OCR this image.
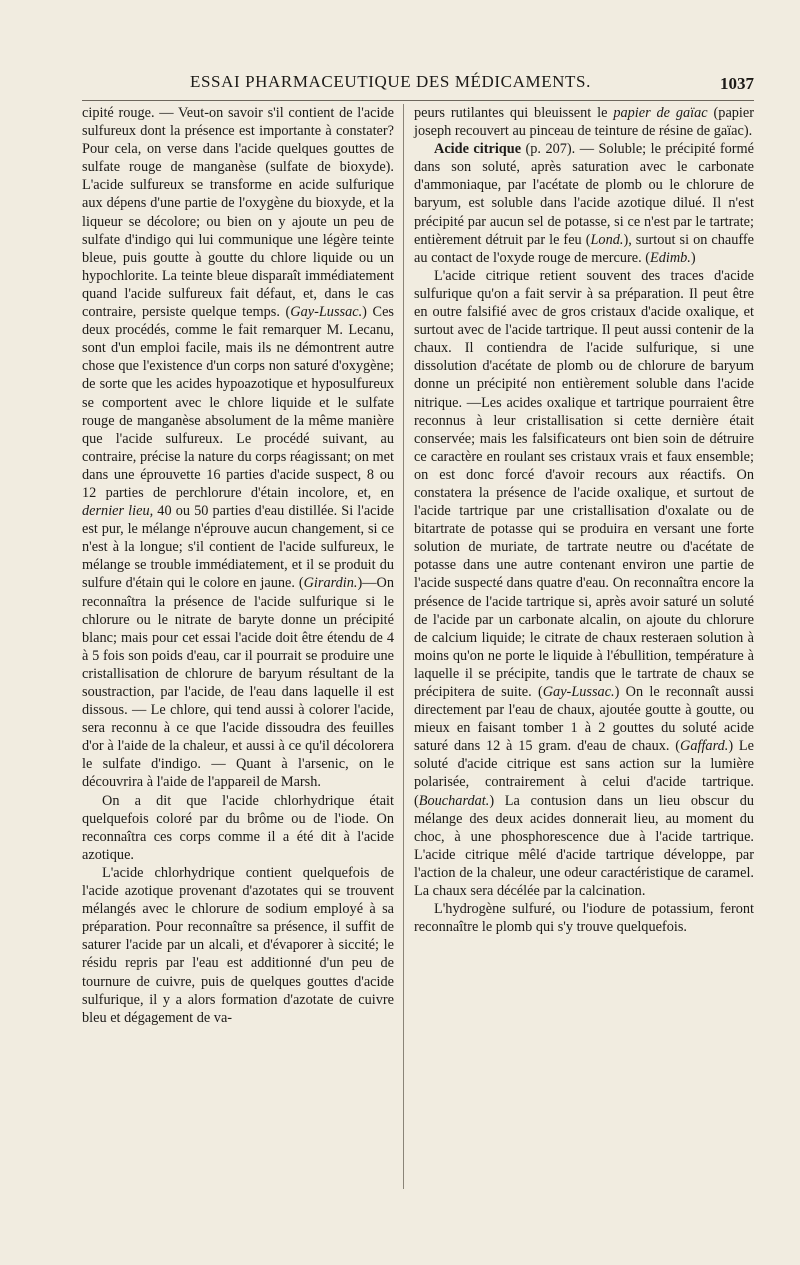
ESSAI PHARMACEUTIQUE DES MÉDICAMENTS.	1037

cipité rouge. — Veut-on savoir s'il contient de l'acide sulfureux dont la présence est importante à constater? Pour cela, on verse dans l'acide quelques gouttes de sulfate rouge de manganèse (sulfate de bioxyde). L'acide sulfureux se transforme en acide sulfurique aux dépens d'une partie de l'oxygène du bioxyde, et la liqueur se décolore; ou bien on y ajoute un peu de sulfate d'indigo qui lui communique une légère teinte bleue, puis goutte à goutte du chlore liquide ou un hypochlorite. La teinte bleue disparaît immédiatement quand l'acide sulfureux fait défaut, et, dans le cas contraire, persiste quelque temps. (Gay-Lussac.) Ces deux procédés, comme le fait remarquer M. Lecanu, sont d'un emploi facile, mais ils ne démontrent autre chose que l'existence d'un corps non saturé d'oxygène; de sorte que les acides hypoazotique et hyposulfureux se comportent avec le chlore liquide et le sulfate rouge de manganèse absolument de la même manière que l'acide sulfureux. Le procédé suivant, au contraire, précise la nature du corps réagissant; on met dans une éprouvette 16 parties d'acide suspect, 8 ou 12 parties de perchlorure d'étain incolore, et, en dernier lieu, 40 ou 50 parties d'eau distillée. Si l'acide est pur, le mélange n'éprouve aucun changement, si ce n'est à la longue; s'il contient de l'acide sulfureux, le mélange se trouble immédiatement, et il se produit du sulfure d'étain qui le colore en jaune. (Girardin.)—On reconnaîtra la présence de l'acide sulfurique si le chlorure ou le nitrate de baryte donne un précipité blanc; mais pour cet essai l'acide doit être étendu de 4 à 5 fois son poids d'eau, car il pourrait se produire une cristallisation de chlorure de baryum résultant de la soustraction, par l'acide, de l'eau dans laquelle il est dissous. — Le chlore, qui tend aussi à colorer l'acide, sera reconnu à ce que l'acide dissoudra des feuilles d'or à l'aide de la chaleur, et aussi à ce qu'il décolorera le sulfate d'indigo. — Quant à l'arsenic, on le découvrira à l'aide de l'appareil de Marsh.

On a dit que l'acide chlorhydrique était quelquefois coloré par du brôme ou de l'iode. On reconnaîtra ces corps comme il a été dit à l'acide azotique.

L'acide chlorhydrique contient quelquefois de l'acide azotique provenant d'azotates qui se trouvent mélangés avec le chlorure de sodium employé à sa préparation. Pour reconnaître sa présence, il suffit de saturer l'acide par un alcali, et d'évaporer à siccité; le résidu repris par l'eau est additionné d'un peu de tournure de cuivre, puis de quelques gouttes d'acide sulfurique, il y a alors formation d'azotate de cuivre bleu et dégagement de va-

peurs rutilantes qui bleuissent le papier de gaïac (papier joseph recouvert au pinceau de teinture de résine de gaïac).

Acide citrique (p. 207). — Soluble; le précipité formé dans son soluté, après saturation avec le carbonate d'ammoniaque, par l'acétate de plomb ou le chlorure de baryum, est soluble dans l'acide azotique dilué. Il n'est précipité par aucun sel de potasse, si ce n'est par le tartrate; entièrement détruit par le feu (Lond.), surtout si on chauffe au contact de l'oxyde rouge de mercure. (Edimb.)

L'acide citrique retient souvent des traces d'acide sulfurique qu'on a fait servir à sa préparation. Il peut être en outre falsifié avec de gros cristaux d'acide oxalique, et surtout avec de l'acide tartrique. Il peut aussi contenir de la chaux. Il contiendra de l'acide sulfurique, si une dissolution d'acétate de plomb ou de chlorure de baryum donne un précipité non entièrement soluble dans l'acide nitrique. —Les acides oxalique et tartrique pourraient être reconnus à leur cristallisation si cette dernière était conservée; mais les falsificateurs ont bien soin de détruire ce caractère en roulant ses cristaux vrais et faux ensemble; on est donc forcé d'avoir recours aux réactifs. On constatera la présence de l'acide oxalique, et surtout de l'acide tartrique par une cristallisation d'oxalate ou de bitartrate de potasse qui se produira en versant une forte solution de muriate, de tartrate neutre ou d'acétate de potasse dans une autre contenant environ une partie de l'acide suspecté dans quatre d'eau. On reconnaîtra encore la présence de l'acide tartrique si, après avoir saturé un soluté de l'acide par un carbonate alcalin, on ajoute du chlorure de calcium liquide; le citrate de chaux resteraen solution à moins qu'on ne porte le liquide à l'ébullition, température à laquelle il se précipite, tandis que le tartrate de chaux se précipitera de suite. (Gay-Lussac.) On le reconnaît aussi directement par l'eau de chaux, ajoutée goutte à goutte, ou mieux en faisant tomber 1 à 2 gouttes du soluté acide saturé dans 12 à 15 gram. d'eau de chaux. (Gaffard.) Le soluté d'acide citrique est sans action sur la lumière polarisée, contrairement à celui d'acide tartrique. (Bouchardat.) La contusion dans un lieu obscur du mélange des deux acides donnerait lieu, au moment du choc, à une phosphorescence due à l'acide tartrique. L'acide citrique mêlé d'acide tartrique développe, par l'action de la chaleur, une odeur caractéristique de caramel. La chaux sera décélée par la calcination.

L'hydrogène sulfuré, ou l'iodure de potassium, feront reconnaître le plomb qui s'y trouve quelquefois.
